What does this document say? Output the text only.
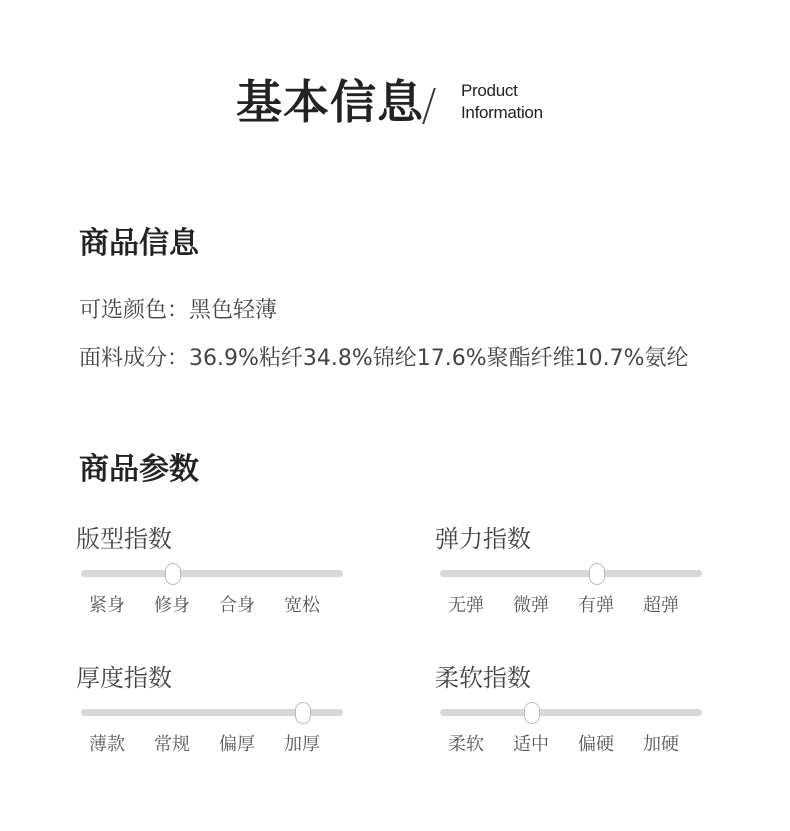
基本信息 Product
Information
商品信息
可选颜色：黑色轻薄
面料成分：36.9%粘纤34.8%锦纶17.6%聚酯纤维10.7%氨纶
商品参数
版型指数
紧身 修身 合身 宽松
弹力指数
无弹 微弹 有弹 超弹
厚度指数
薄款 常规 偏厚 加厚
柔软指数
柔软 适中 偏硬 加硬
